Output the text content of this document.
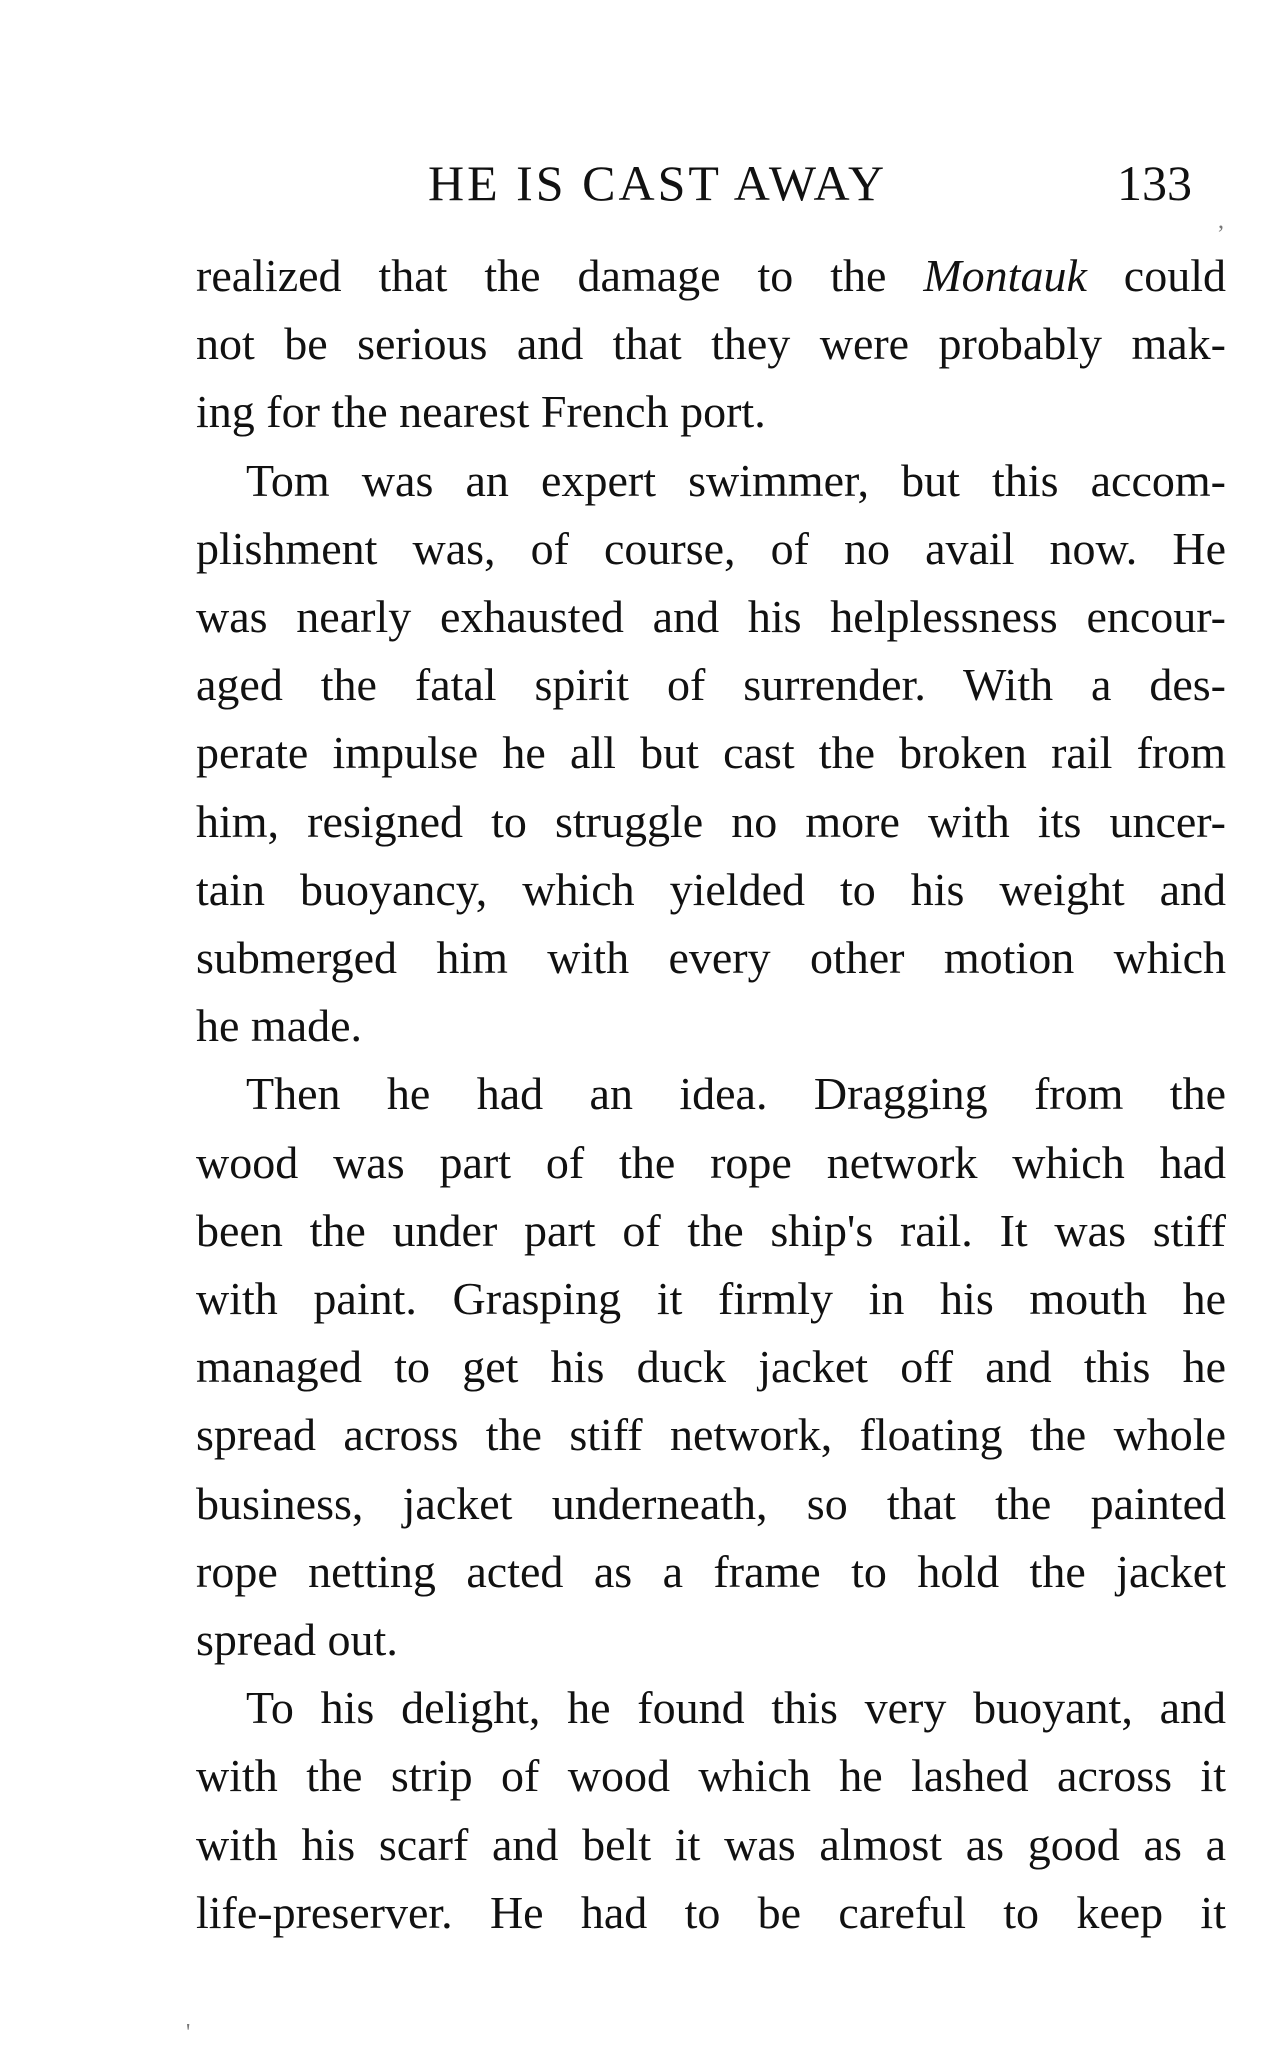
HE IS CAST AWAY	133
realized that the damage to the Montauk could
not be serious and that they were probably mak-
ing for the nearest French port.
Tom was an expert swimmer, but this accom-
plishment was, of course, of no avail now. He
was nearly exhausted and his helplessness encour-
aged the fatal spirit of surrender. With a des-
perate impulse he all but cast the broken rail from
him, resigned to struggle no more with its uncer-
tain buoyancy, which yielded to his weight and
submerged him with every other motion which
he made.
Then he had an idea. Dragging from the
wood was part of the rope network which had
been the under part of the ship's rail. It was stiff
with paint. Grasping it firmly in his mouth he
managed to get his duck jacket off and this he
spread across the stiff network, floating the whole
business, jacket underneath, so that the painted
rope netting acted as a frame to hold the jacket
spread out.
To his delight, he found this very buoyant, and
with the strip of wood which he lashed across it
with his scarf and belt it was almost as good as a
life-preserver. He had to be careful to keep it
,
'
